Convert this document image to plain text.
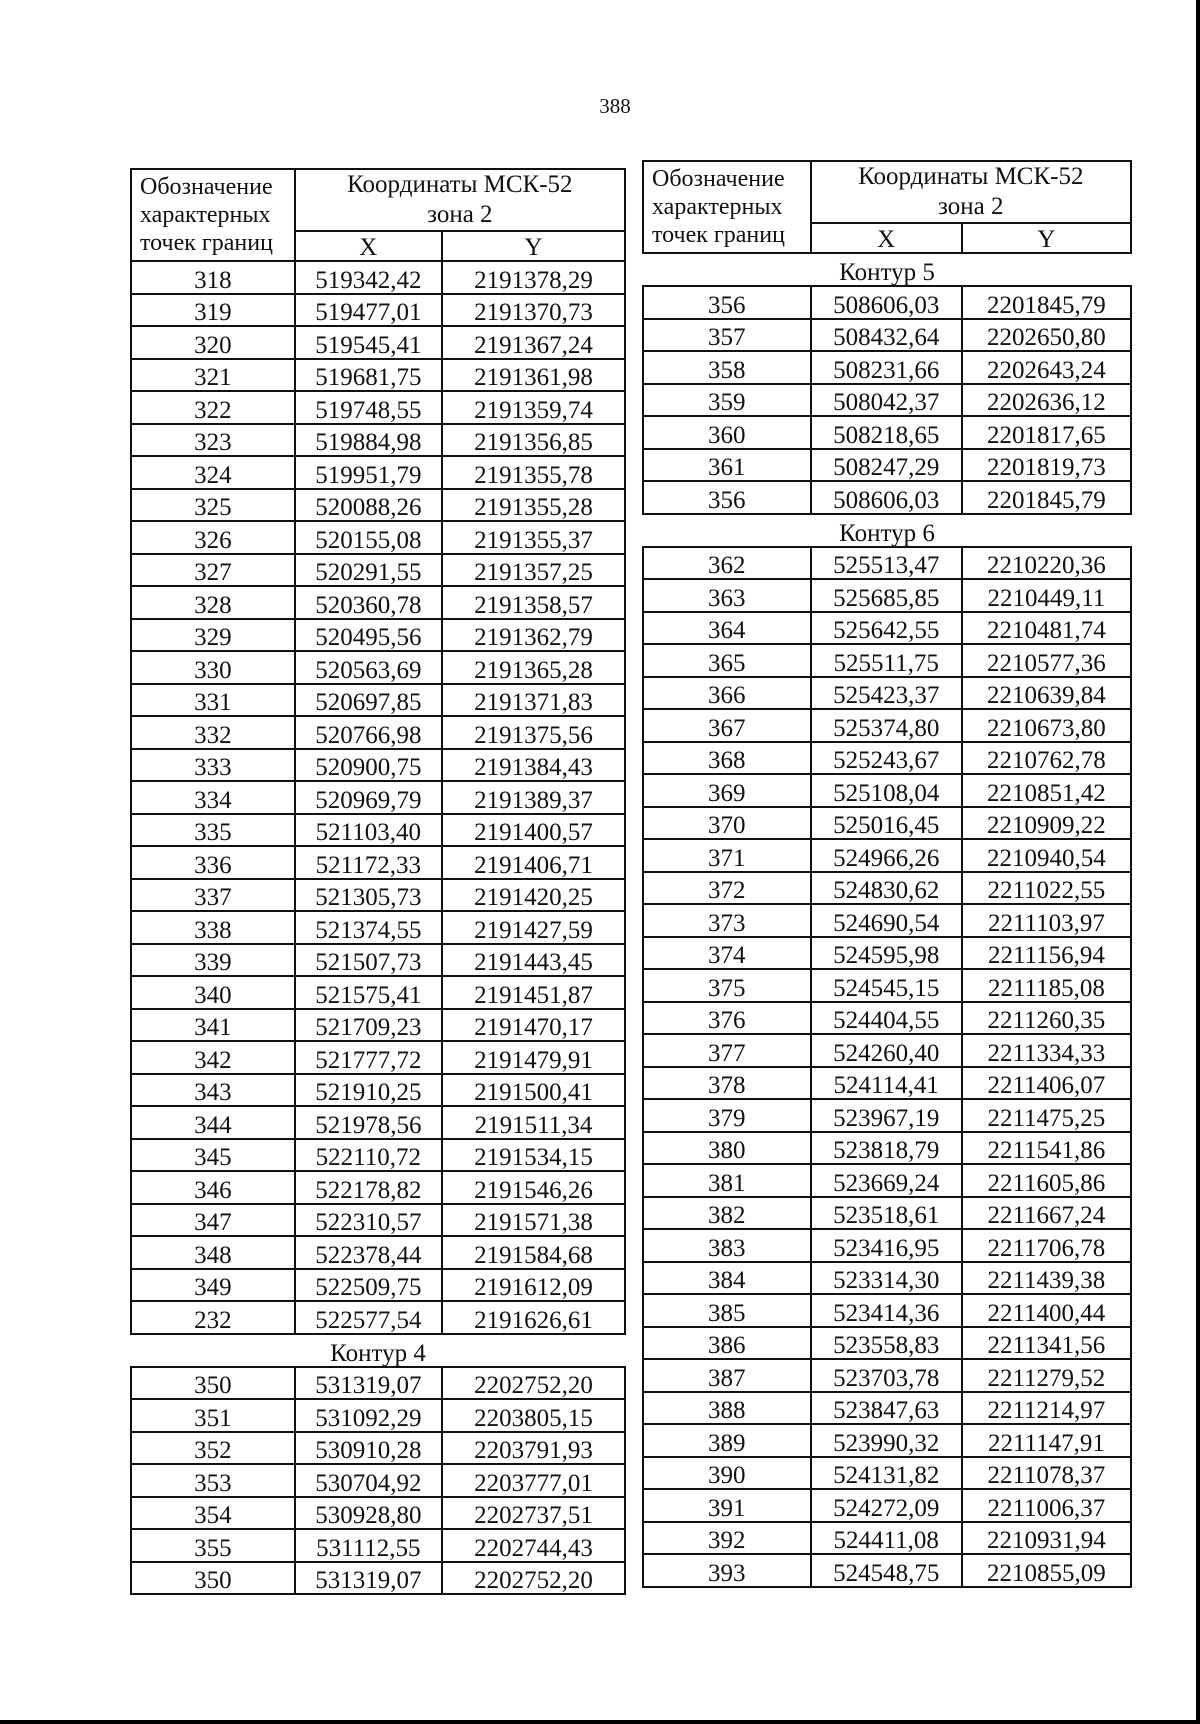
388
Обозначение
характерных
точек границ	Координаты МСК-52
зона 2	
	X	Y
318	519342,42	2191378,29
319	519477,01	2191370,73
320	519545,41	2191367,24
321	519681,75	2191361,98
322	519748,55	2191359,74
323	519884,98	2191356,85
324	519951,79	2191355,78
325	520088,26	2191355,28
326	520155,08	2191355,37
327	520291,55	2191357,25
328	520360,78	2191358,57
329	520495,56	2191362,79
330	520563,69	2191365,28
331	520697,85	2191371,83
332	520766,98	2191375,56
333	520900,75	2191384,43
334	520969,79	2191389,37
335	521103,40	2191400,57
336	521172,33	2191406,71
337	521305,73	2191420,25
338	521374,55	2191427,59
339	521507,73	2191443,45
340	521575,41	2191451,87
341	521709,23	2191470,17
342	521777,72	2191479,91
343	521910,25	2191500,41
344	521978,56	2191511,34
345	522110,72	2191534,15
346	522178,82	2191546,26
347	522310,57	2191571,38
348	522378,44	2191584,68
349	522509,75	2191612,09
232	522577,54	2191626,61
Контур 4		
350	531319,07	2202752,20
351	531092,29	2203805,15
352	530910,28	2203791,93
353	530704,92	2203777,01
354	530928,80	2202737,51
355	531112,55	2202744,43
350	531319,07	2202752,20
Обозначение
характерных
точек границ	Координаты МСК-52
зона 2	
	X	Y
Контур 5		
356	508606,03	2201845,79
357	508432,64	2202650,80
358	508231,66	2202643,24
359	508042,37	2202636,12
360	508218,65	2201817,65
361	508247,29	2201819,73
356	508606,03	2201845,79
Контур 6		
362	525513,47	2210220,36
363	525685,85	2210449,11
364	525642,55	2210481,74
365	525511,75	2210577,36
366	525423,37	2210639,84
367	525374,80	2210673,80
368	525243,67	2210762,78
369	525108,04	2210851,42
370	525016,45	2210909,22
371	524966,26	2210940,54
372	524830,62	2211022,55
373	524690,54	2211103,97
374	524595,98	2211156,94
375	524545,15	2211185,08
376	524404,55	2211260,35
377	524260,40	2211334,33
378	524114,41	2211406,07
379	523967,19	2211475,25
380	523818,79	2211541,86
381	523669,24	2211605,86
382	523518,61	2211667,24
383	523416,95	2211706,78
384	523314,30	2211439,38
385	523414,36	2211400,44
386	523558,83	2211341,56
387	523703,78	2211279,52
388	523847,63	2211214,97
389	523990,32	2211147,91
390	524131,82	2211078,37
391	524272,09	2211006,37
392	524411,08	2210931,94
393	524548,75	2210855,09
